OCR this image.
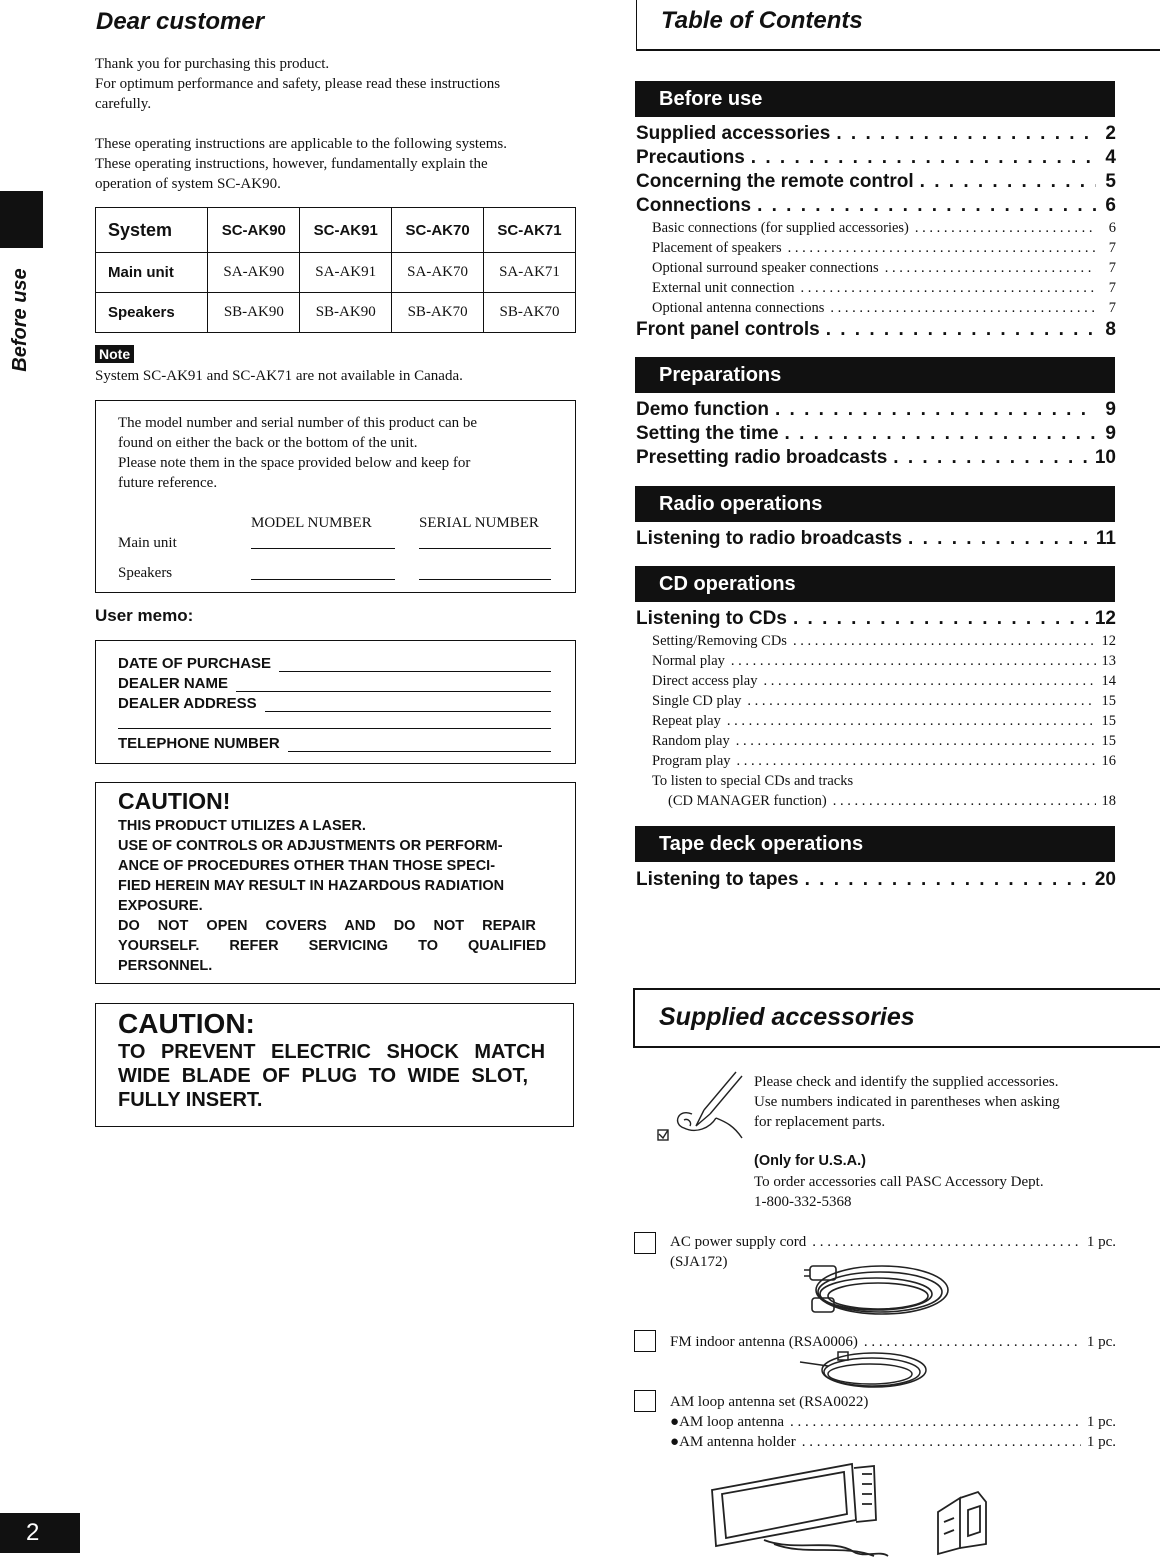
Before use
2
Dear customer

Thank you for purchasing this product.

For optimum performance and safety, please read these instructions

carefully.

These operating instructions are applicable to the following systems.

These operating instructions, however, fundamentally explain the

operation of system SC-AK90.

System	SC-AK90	SC-AK91	SC-AK70	SC-AK71
Main unit	SA-AK90	SA-AK91	SA-AK70	SA-AK71
Speakers	SB-AK90	SB-AK90	SB-AK70	SB-AK70
Note
System SC-AK91 and SC-AK71 are not available in Canada.

The model number and serial number of this product can be

found on either the back or the bottom of the unit.

Please note them in the space provided below and keep for

future reference.

MODEL NUMBER	SERIAL NUMBER
Main unit
Speakers
User memo:
DATE OF PURCHASE
DEALER NAME
DEALER ADDRESS
TELEPHONE NUMBER
CAUTION!
THIS PRODUCT UTILIZES A LASER.
USE OF CONTROLS OR ADJUSTMENTS OR PERFORM-
ANCE OF PROCEDURES OTHER THAN THOSE SPECI-
FIED HEREIN MAY RESULT IN HAZARDOUS RADIATION
EXPOSURE.
DO NOT OPEN COVERS AND DO NOT REPAIR
YOURSELF. REFER SERVICING TO QUALIFIED
PERSONNEL.
CAUTION:
TO PREVENT ELECTRIC SHOCK MATCH
WIDE BLADE OF PLUG TO WIDE SLOT,
FULLY INSERT.
Table of Contents
Before use
Supplied accessories . . .	2
Precautions . . .	4
Concerning the remote control . . .	5
Connections . . .	6
Basic connections (for supplied accessories) . . .	6
Placement of speakers . . .	7
Optional surround speaker connections . . .	7
External unit connection . . .	7
Optional antenna connections . . .	7
Front panel controls . . .	8
Preparations
Demo function . . .	9
Setting the time . . .	9
Presetting radio broadcasts . . .	10
Radio operations
Listening to radio broadcasts . . .	11
CD operations
Listening to CDs . . .	12
Setting/Removing CDs . . .	12
Normal play . . .	13
Direct access play . . .	14
Single CD play . . .	15
Repeat play . . .	15
Random play . . .	15
Program play . . .	16
To listen to special CDs and tracks
(CD MANAGER function) . . .	18
Tape deck operations
Listening to tapes . . .	20
Supplied accessories

Please check and identify the supplied accessories.

Use numbers indicated in parentheses when asking

for replacement parts.

(Only for U.S.A.)

To order accessories call PASC Accessory Dept.

1-800-332-5368

AC power supply cord . . .	1 pc.
(SJA172)
FM indoor antenna (RSA0006) . . .	1 pc.
AM loop antenna set (RSA0022)
● AM loop antenna . . .	1 pc.
● AM antenna holder . . .	1 pc.
